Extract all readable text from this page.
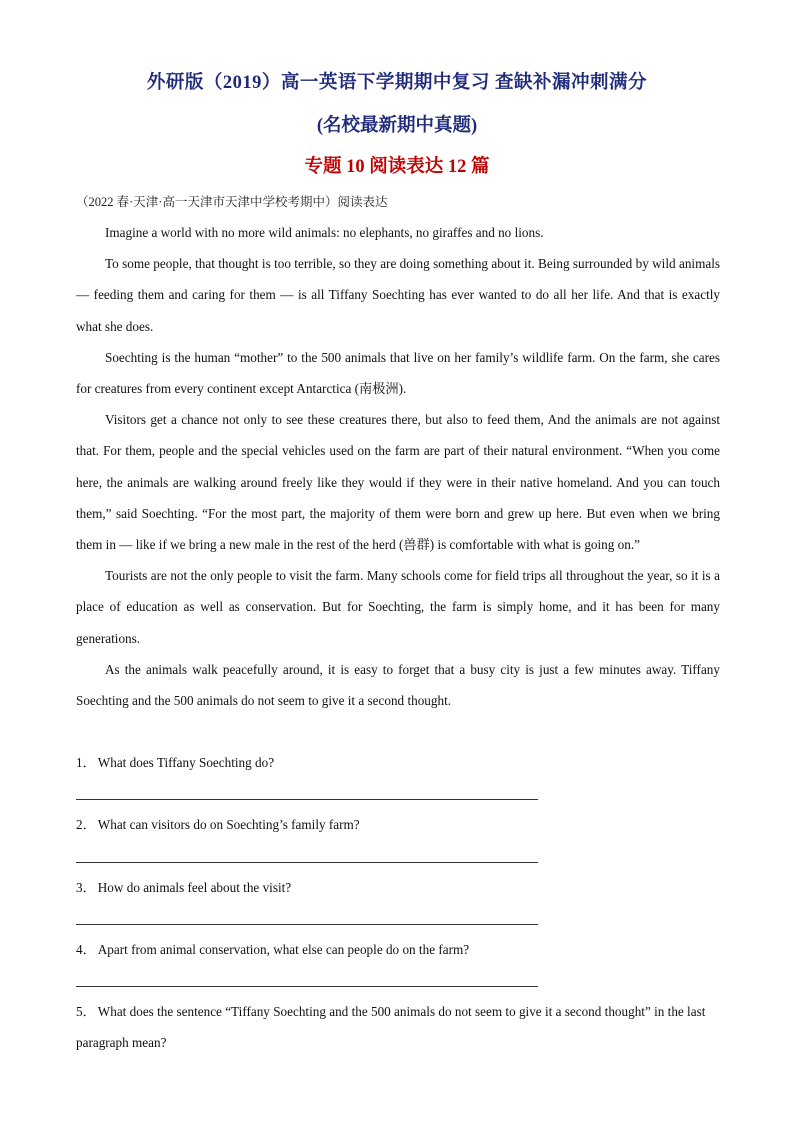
外研版（2019）高一英语下学期期中复习 查缺补漏冲刺满分
(名校最新期中真题)
专题 10 阅读表达 12 篇
（2022 春·天津·高一天津市天津中学校考期中）阅读表达

Imagine a world with no more wild animals: no elephants, no giraffes and no lions.

To some people, that thought is too terrible, so they are doing something about it. Being surrounded by wild animals — feeding them and caring for them — is all Tiffany Soechting has ever wanted to do all her life. And that is exactly what she does.

Soechting is the human “mother” to the 500 animals that live on her family’s wildlife farm. On the farm, she cares for creatures from every continent except Antarctica (南极洲).

Visitors get a chance not only to see these creatures there, but also to feed them, And the animals are not against that. For them, people and the special vehicles used on the farm are part of their natural environment. “When you come here, the animals are walking around freely like they would if they were in their native homeland. And you can touch them,” said Soechting. “For the most part, the majority of them were born and grew up here. But even when we bring them in — like if we bring a new male in the rest of the herd (兽群) is comfortable with what is going on.”

Tourists are not the only people to visit the farm. Many schools come for field trips all throughout the year, so it is a place of education as well as conservation. But for Soechting, the farm is simply home, and it has been for many generations.

As the animals walk peacefully around, it is easy to forget that a busy city is just a few minutes away. Tiffany Soechting and the 500 animals do not seem to give it a second thought.

1． What does Tiffany Soechting do?
2． What can visitors do on Soechting’s family farm?
3． How do animals feel about the visit?
4． Apart from animal conservation, what else can people do on the farm?
5． What does the sentence “Tiffany Soechting and the 500 animals do not seem to give it a second thought” in the last paragraph mean?
